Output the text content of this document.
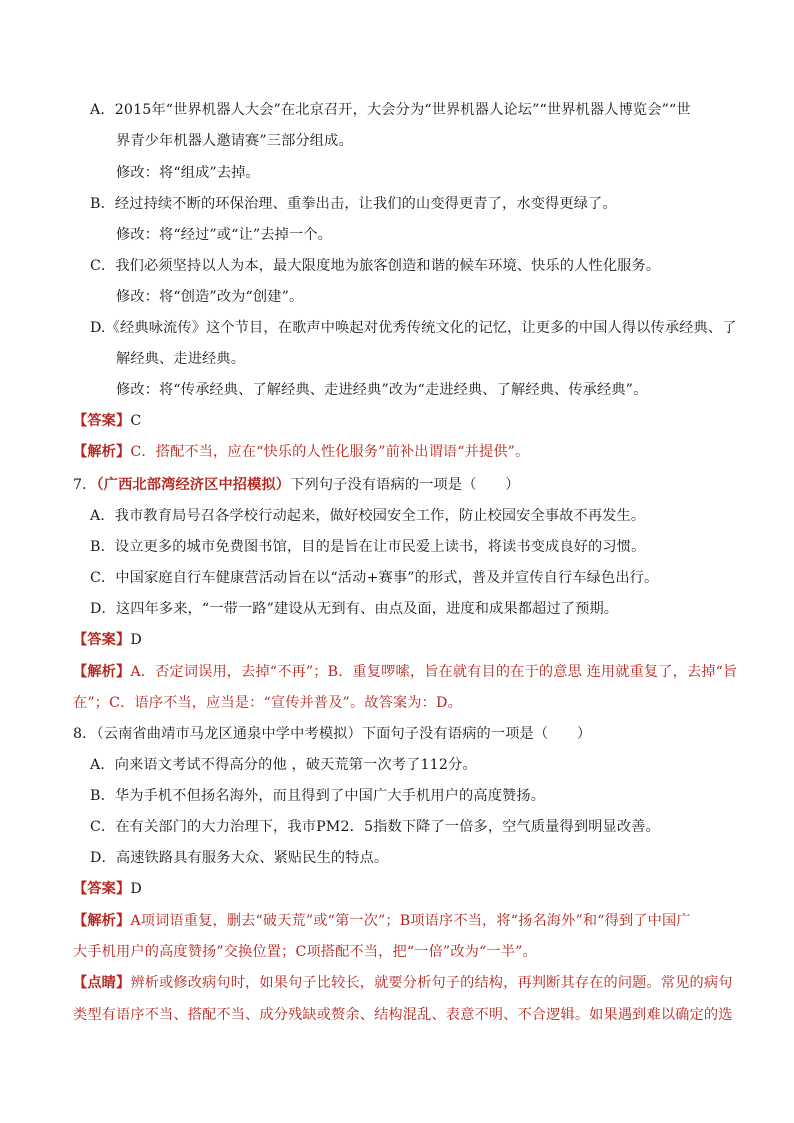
A．2015年“世界机器人大会”在北京召开，大会分为“世界机器人论坛”“世界机器人博览会”“世
界青少年机器人邀请赛”三部分组成。
修改：将“组成”去掉。
B．经过持续不断的环保治理、重拳出击，让我们的山变得更青了，水变得更绿了。
修改：将“经过”或“让”去掉一个。
C．我们必须坚持以人为本，最大限度地为旅客创造和谐的候车环境、快乐的人性化服务。
修改：将“创造”改为“创建”。
D.《经典咏流传》这个节目，在歌声中唤起对优秀传统文化的记忆，让更多的中国人得以传承经典、了
解经典、走进经典。
修改：将“传承经典、了解经典、走进经典”改为“走进经典、了解经典、传承经典”。
【答案】C
【解析】C．搭配不当，应在“快乐的人性化服务”前补出谓语“并提供”。
7．（广西北部湾经济区中招模拟）下列句子没有语病的一项是（　　）
A．我市教育局号召各学校行动起来，做好校园安全工作，防止校园安全事故不再发生。
B．设立更多的城市免费图书馆，目的是旨在让市民爱上读书，将读书变成良好的习惯。
C．中国家庭自行车健康营活动旨在以“活动+赛事”的形式，普及并宣传自行车绿色出行。
D．这四年多来，“一带一路”建设从无到有、由点及面，进度和成果都超过了预期。
【答案】D
【解析】A．否定词误用，去掉“不再”；B．重复啰嗦，旨在就有目的在于的意思 连用就重复了，去掉“旨
在”；C．语序不当，应当是：“宣传并普及”。故答案为：D。
8．（云南省曲靖市马龙区通泉中学中考模拟）下面句子没有语病的一项是（　　）
A．向来语文考试不得高分的他 ，破天荒第一次考了112分。
B．华为手机不但扬名海外，而且得到了中国广大手机用户的高度赞扬。
C．在有关部门的大力治理下，我市PM2．5指数下降了一倍多，空气质量得到明显改善。
D．高速铁路具有服务大众、紧贴民生的特点。
【答案】D
【解析】A项词语重复，删去“破天荒”或“第一次”；B项语序不当，将“扬名海外”和“得到了中国广
大手机用户的高度赞扬”交换位置；C项搭配不当，把“一倍”改为“一半”。
【点睛】辨析或修改病句时，如果句子比较长，就要分析句子的结构，再判断其存在的问题。常见的病句
类型有语序不当、搭配不当、成分残缺或赘余、结构混乱、表意不明、不合逻辑。如果遇到难以确定的选
